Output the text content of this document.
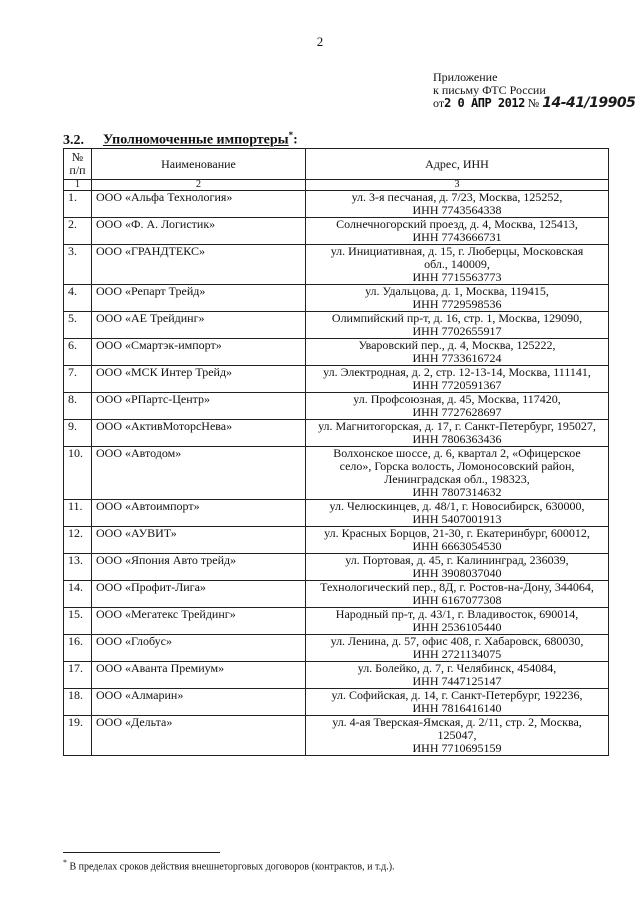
2
Приложение
к письму ФТС России
от2 0 АПР 2012 № 14-41/19905
3.2. Уполномоченные импортеры*:
№ п/п	Наименование	Адрес, ИНН
1	2	3
1.	ООО «Альфа Технология»	ул. 3-я песчаная, д. 7/23, Москва, 125252,
ИНН 7743564338

2.	ООО «Ф. А. Логистик»	Солнечногорский проезд, д. 4, Москва, 125413,
ИНН 7743666731

3.	ООО «ГРАНДТЕКС»	ул. Инициативная, д. 15, г. Люберцы, Московская
обл., 140009,
ИНН 7715563773

4.	ООО «Репарт Трейд»	ул. Удальцова, д. 1, Москва, 119415,
ИНН 7729598536

5.	ООО «АЕ Трейдинг»	Олимпийский пр-т, д. 16, стр. 1, Москва, 129090,
ИНН 7702655917

6.	ООО «Смартэк-импорт»	Уваровский пер., д. 4, Москва, 125222,
ИНН 7733616724

7.	ООО «МСК Интер Трейд»	ул. Электродная, д. 2, стр. 12-13-14, Москва, 111141,
ИНН 7720591367

8.	ООО «РПартс-Центр»	ул. Профсоюзная, д. 45, Москва, 117420,
ИНН 7727628697

9.	ООО «АктивМоторсНева»	ул. Магнитогорская, д. 17, г. Санкт-Петербург, 195027,
ИНН 7806363436

10.	ООО «Автодом»	Волхонское шоссе, д. 6, квартал 2, «Офицерское
село», Горска волость, Ломоносовский район,
Ленинградская обл., 198323,
ИНН 7807314632

11.	ООО «Автоимпорт»	ул. Челюскинцев, д. 48/1, г. Новосибирск, 630000,
ИНН 5407001913

12.	ООО «АУВИТ»	ул. Красных Борцов, 21-30, г. Екатеринбург, 600012,
ИНН 6663054530

13.	ООО «Япония Авто трейд»	ул. Портовая, д. 45, г. Калининград, 236039,
ИНН 3908037040

14.	ООО «Профит-Лига»	Технологический пер., 8Д, г. Ростов-на-Дону, 344064,
ИНН 6167077308

15.	ООО «Мегатекс Трейдинг»	Народный пр-т, д. 43/1, г. Владивосток, 690014,
ИНН 2536105440

16.	ООО «Глобус»	ул. Ленина, д. 57, офис 408, г. Хабаровск, 680030,
ИНН 2721134075

17.	ООО «Аванта Премиум»	ул. Болейко, д. 7, г. Челябинск, 454084,
ИНН 7447125147

18.	ООО «Алмарин»	ул. Софийская, д. 14, г. Санкт-Петербург, 192236,
ИНН 7816416140

19.	ООО «Дельта»	ул. 4-ая Тверская-Ямская, д. 2/11, стр. 2, Москва,
125047,
ИНН 7710695159
* В пределах сроков действия внешнеторговых договоров (контрактов, и т.д.).
